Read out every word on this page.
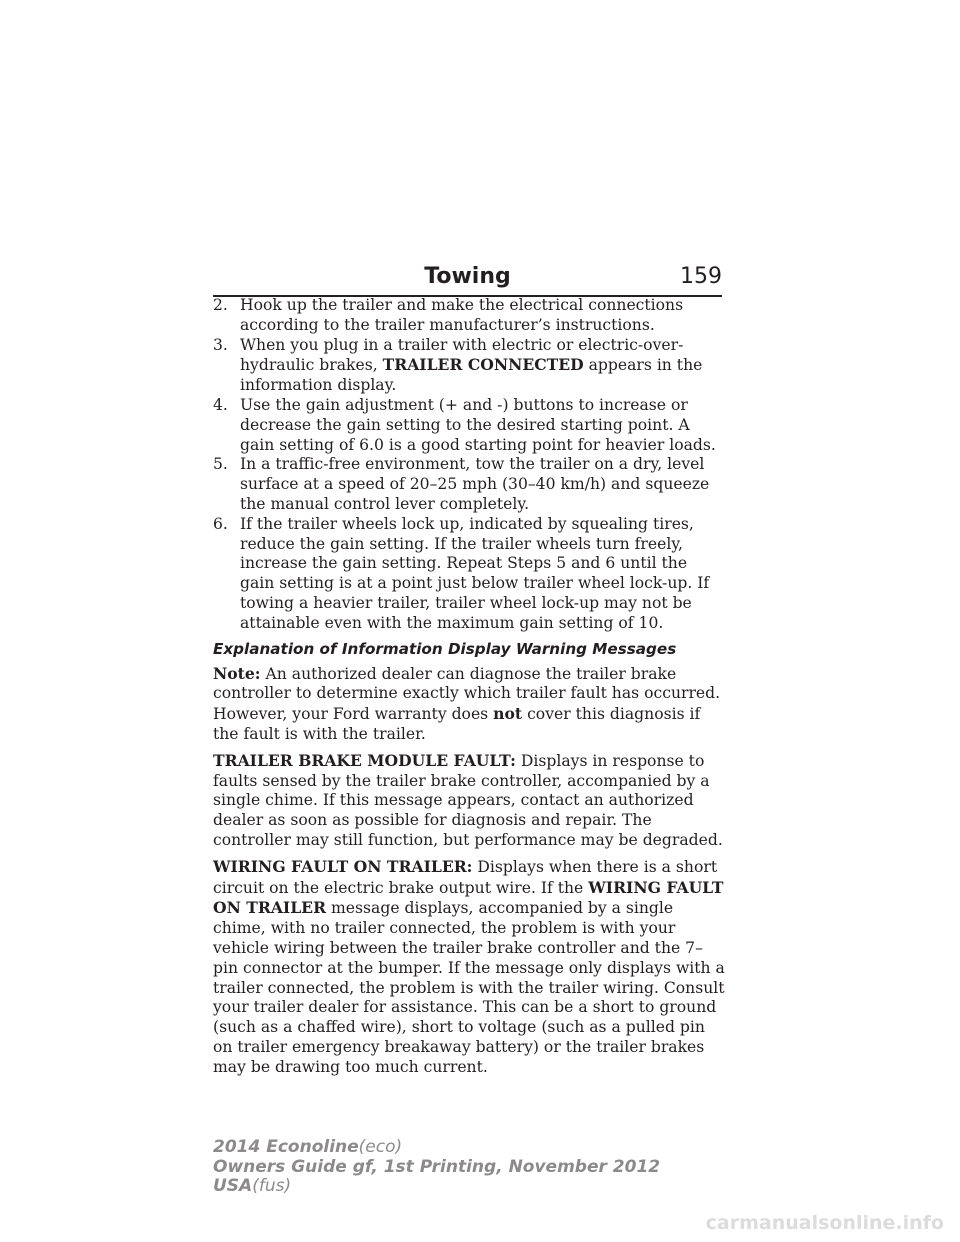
Towing	159
2. Hook up the trailer and make the electrical connections according to the trailer manufacturer’s instructions.
3. When you plug in a trailer with electric or electric-over-hydraulic brakes, TRAILER CONNECTED appears in the information display.
4. Use the gain adjustment (+ and -) buttons to increase or decrease the gain setting to the desired starting point. A gain setting of 6.0 is a good starting point for heavier loads.
5. In a traffic-free environment, tow the trailer on a dry, level surface at a speed of 20–25 mph (30–40 km/h) and squeeze the manual control lever completely.
6. If the trailer wheels lock up, indicated by squealing tires, reduce the gain setting. If the trailer wheels turn freely, increase the gain setting. Repeat Steps 5 and 6 until the gain setting is at a point just below trailer wheel lock-up. If towing a heavier trailer, trailer wheel lock-up may not be attainable even with the maximum gain setting of 10.
Explanation of Information Display Warning Messages

Note: An authorized dealer can diagnose the trailer brake controller to determine exactly which trailer fault has occurred. However, your Ford warranty does not cover this diagnosis if the fault is with the trailer.

TRAILER BRAKE MODULE FAULT: Displays in response to faults sensed by the trailer brake controller, accompanied by a single chime. If this message appears, contact an authorized dealer as soon as possible for diagnosis and repair. The controller may still function, but performance may be degraded.

WIRING FAULT ON TRAILER: Displays when there is a short circuit on the electric brake output wire. If the WIRING FAULT ON TRAILER message displays, accompanied by a single chime, with no trailer connected, the problem is with your vehicle wiring between the trailer brake controller and the 7–pin connector at the bumper. If the message only displays with a trailer connected, the problem is with the trailer wiring. Consult your trailer dealer for assistance. This can be a short to ground (such as a chaffed wire), short to voltage (such as a pulled pin on trailer emergency breakaway battery) or the trailer brakes may be drawing too much current.

2014 Econoline(eco)
Owners Guide gf, 1st Printing, November 2012
USA(fus)
carmanualsonline.info
